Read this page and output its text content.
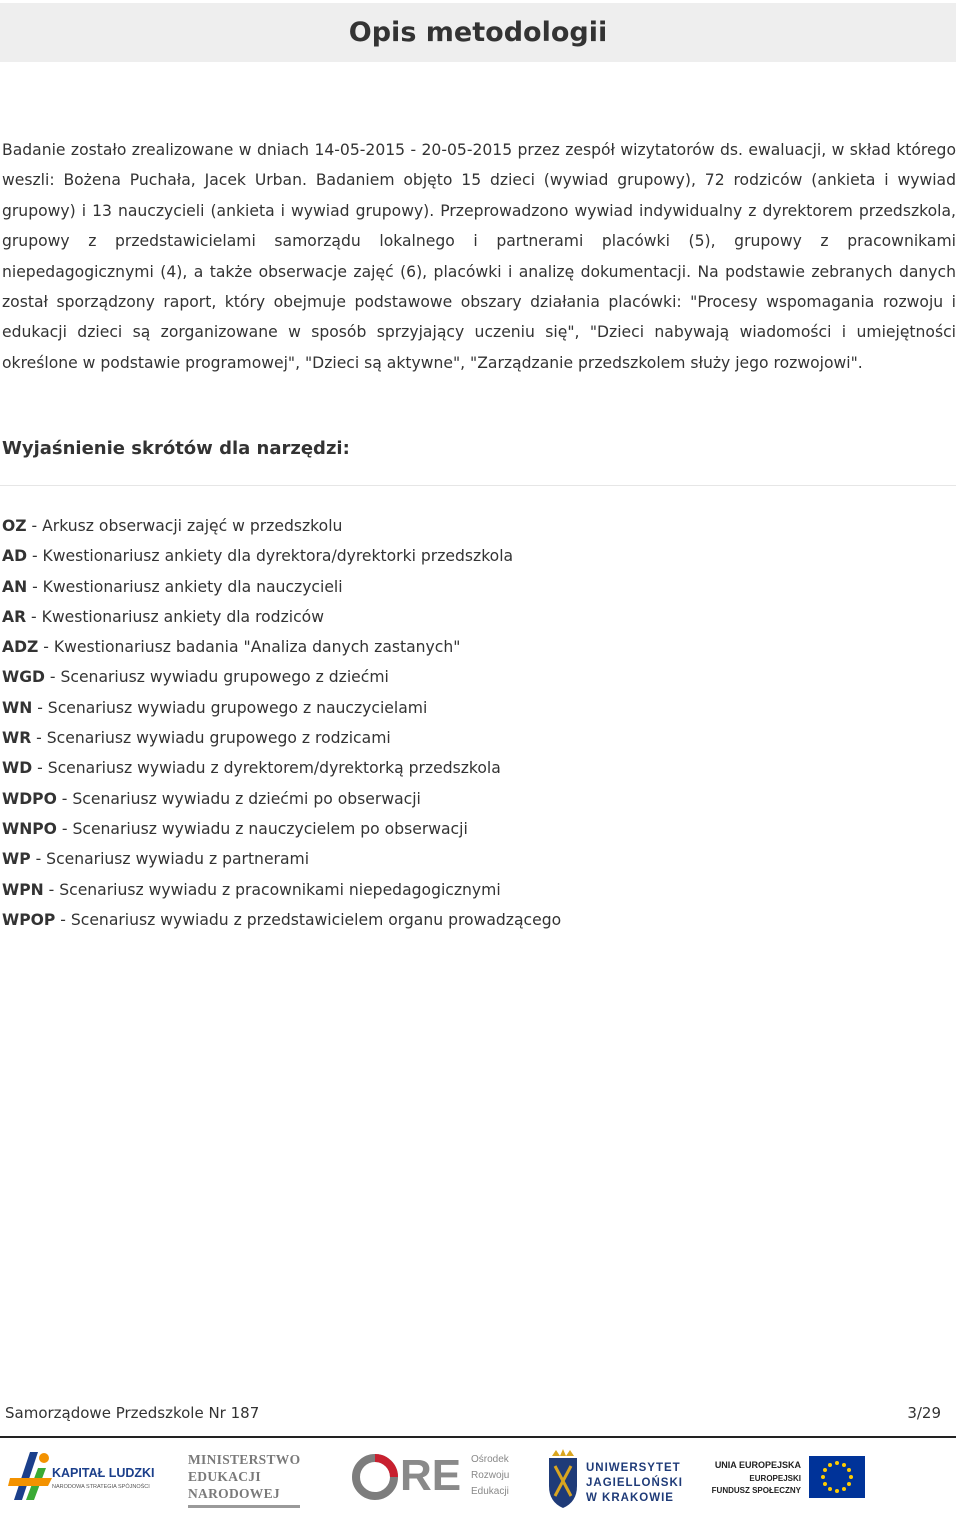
Opis metodologii

Badanie zostało zrealizowane w dniach 14-05-2015 - 20-05-2015 przez zespół wizytatorów ds. ewaluacji, w skład którego weszli: Bożena Puchała, Jacek Urban. Badaniem objęto 15 dzieci (wywiad grupowy), 72 rodziców (ankieta i wywiad grupowy) i 13 nauczycieli (ankieta i wywiad grupowy). Przeprowadzono wywiad indywidualny z dyrektorem przedszkola, grupowy z przedstawicielami samorządu lokalnego i partnerami placówki (5), grupowy z pracownikami niepedagogicznymi (4), a także obserwacje zajęć (6), placówki i analizę dokumentacji. Na podstawie zebranych danych został sporządzony raport, który obejmuje podstawowe obszary działania placówki: "Procesy wspomagania rozwoju i edukacji dzieci są zorganizowane w sposób sprzyjający uczeniu się", "Dzieci nabywają wiadomości i umiejętności określone w podstawie programowej", "Dzieci są aktywne", "Zarządzanie przedszkolem służy jego rozwojowi".

Wyjaśnienie skrótów dla narzędzi:
OZ - Arkusz obserwacji zajęć w przedszkolu
AD - Kwestionariusz ankiety dla dyrektora/dyrektorki przedszkola
AN - Kwestionariusz ankiety dla nauczycieli
AR - Kwestionariusz ankiety dla rodziców
ADZ - Kwestionariusz badania "Analiza danych zastanych"
WGD - Scenariusz wywiadu grupowego z dziećmi
WN - Scenariusz wywiadu grupowego z nauczycielami
WR - Scenariusz wywiadu grupowego z rodzicami
WD - Scenariusz wywiadu z dyrektorem/dyrektorką przedszkola
WDPO - Scenariusz wywiadu z dziećmi po obserwacji
WNPO - Scenariusz wywiadu z nauczycielem po obserwacji
WP - Scenariusz wywiadu z partnerami
WPN - Scenariusz wywiadu z pracownikami niepedagogicznymi
WPOP - Scenariusz wywiadu z przedstawicielem organu prowadzącego
Samorządowe Przedszkole Nr 187	3/29
KAPITAŁ LUDZKI
NARODOWA STRATEGIA SPÓJNOŚCI
MINISTERSTWO
EDUKACJI
NARODOWEJ	RE Ośrodek
Rozwoju
Edukacji
UNIWERSYTET
JAGIELLOŃSKI
W KRAKOWIE
UNIA EUROPEJSKA
EUROPEJSKI
FUNDUSZ SPOŁECZNY
